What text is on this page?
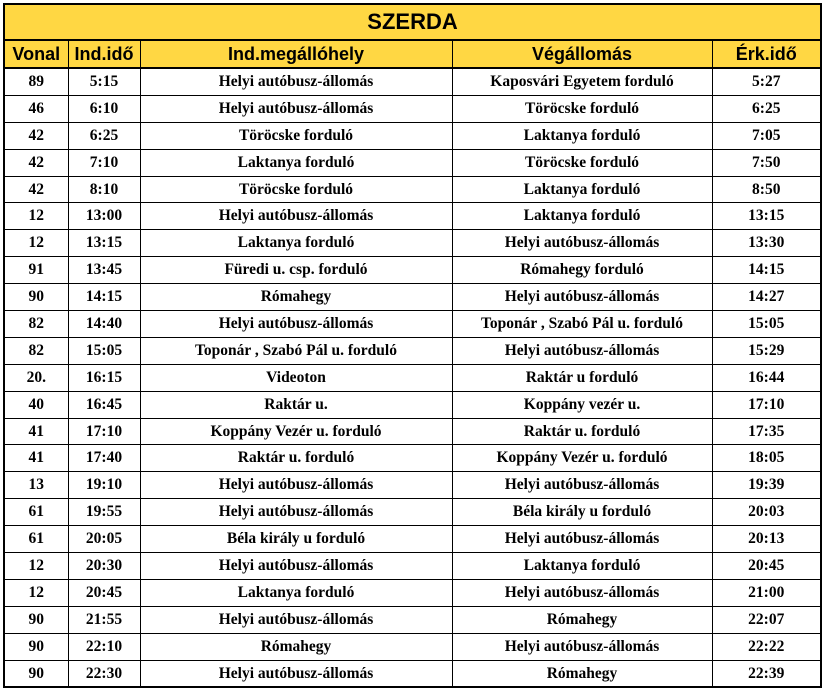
SZERDA				
Vonal	Ind.idő	Ind.megállóhely	Végállomás	Érk.idő
89	5:15	Helyi autóbusz-állomás	Kaposvári Egyetem forduló	5:27
46	6:10	Helyi autóbusz-állomás	Töröcske forduló	6:25
42	6:25	Töröcske forduló	Laktanya forduló	7:05
42	7:10	Laktanya forduló	Töröcske forduló	7:50
42	8:10	Töröcske forduló	Laktanya forduló	8:50
12	13:00	Helyi autóbusz-állomás	Laktanya forduló	13:15
12	13:15	Laktanya forduló	Helyi autóbusz-állomás	13:30
91	13:45	Füredi u. csp. forduló	Rómahegy forduló	14:15
90	14:15	Rómahegy	Helyi autóbusz-állomás	14:27
82	14:40	Helyi autóbusz-állomás	Toponár , Szabó Pál u. forduló	15:05
82	15:05	Toponár , Szabó Pál u. forduló	Helyi autóbusz-állomás	15:29
20.	16:15	Videoton	Raktár u forduló	16:44
40	16:45	Raktár u.	Koppány vezér u.	17:10
41	17:10	Koppány Vezér u. forduló	Raktár u. forduló	17:35
41	17:40	Raktár u. forduló	Koppány Vezér u. forduló	18:05
13	19:10	Helyi autóbusz-állomás	Helyi autóbusz-állomás	19:39
61	19:55	Helyi autóbusz-állomás	Béla király u forduló	20:03
61	20:05	Béla király u forduló	Helyi autóbusz-állomás	20:13
12	20:30	Helyi autóbusz-állomás	Laktanya forduló	20:45
12	20:45	Laktanya forduló	Helyi autóbusz-állomás	21:00
90	21:55	Helyi autóbusz-állomás	Rómahegy	22:07
90	22:10	Rómahegy	Helyi autóbusz-állomás	22:22
90	22:30	Helyi autóbusz-állomás	Rómahegy	22:39
